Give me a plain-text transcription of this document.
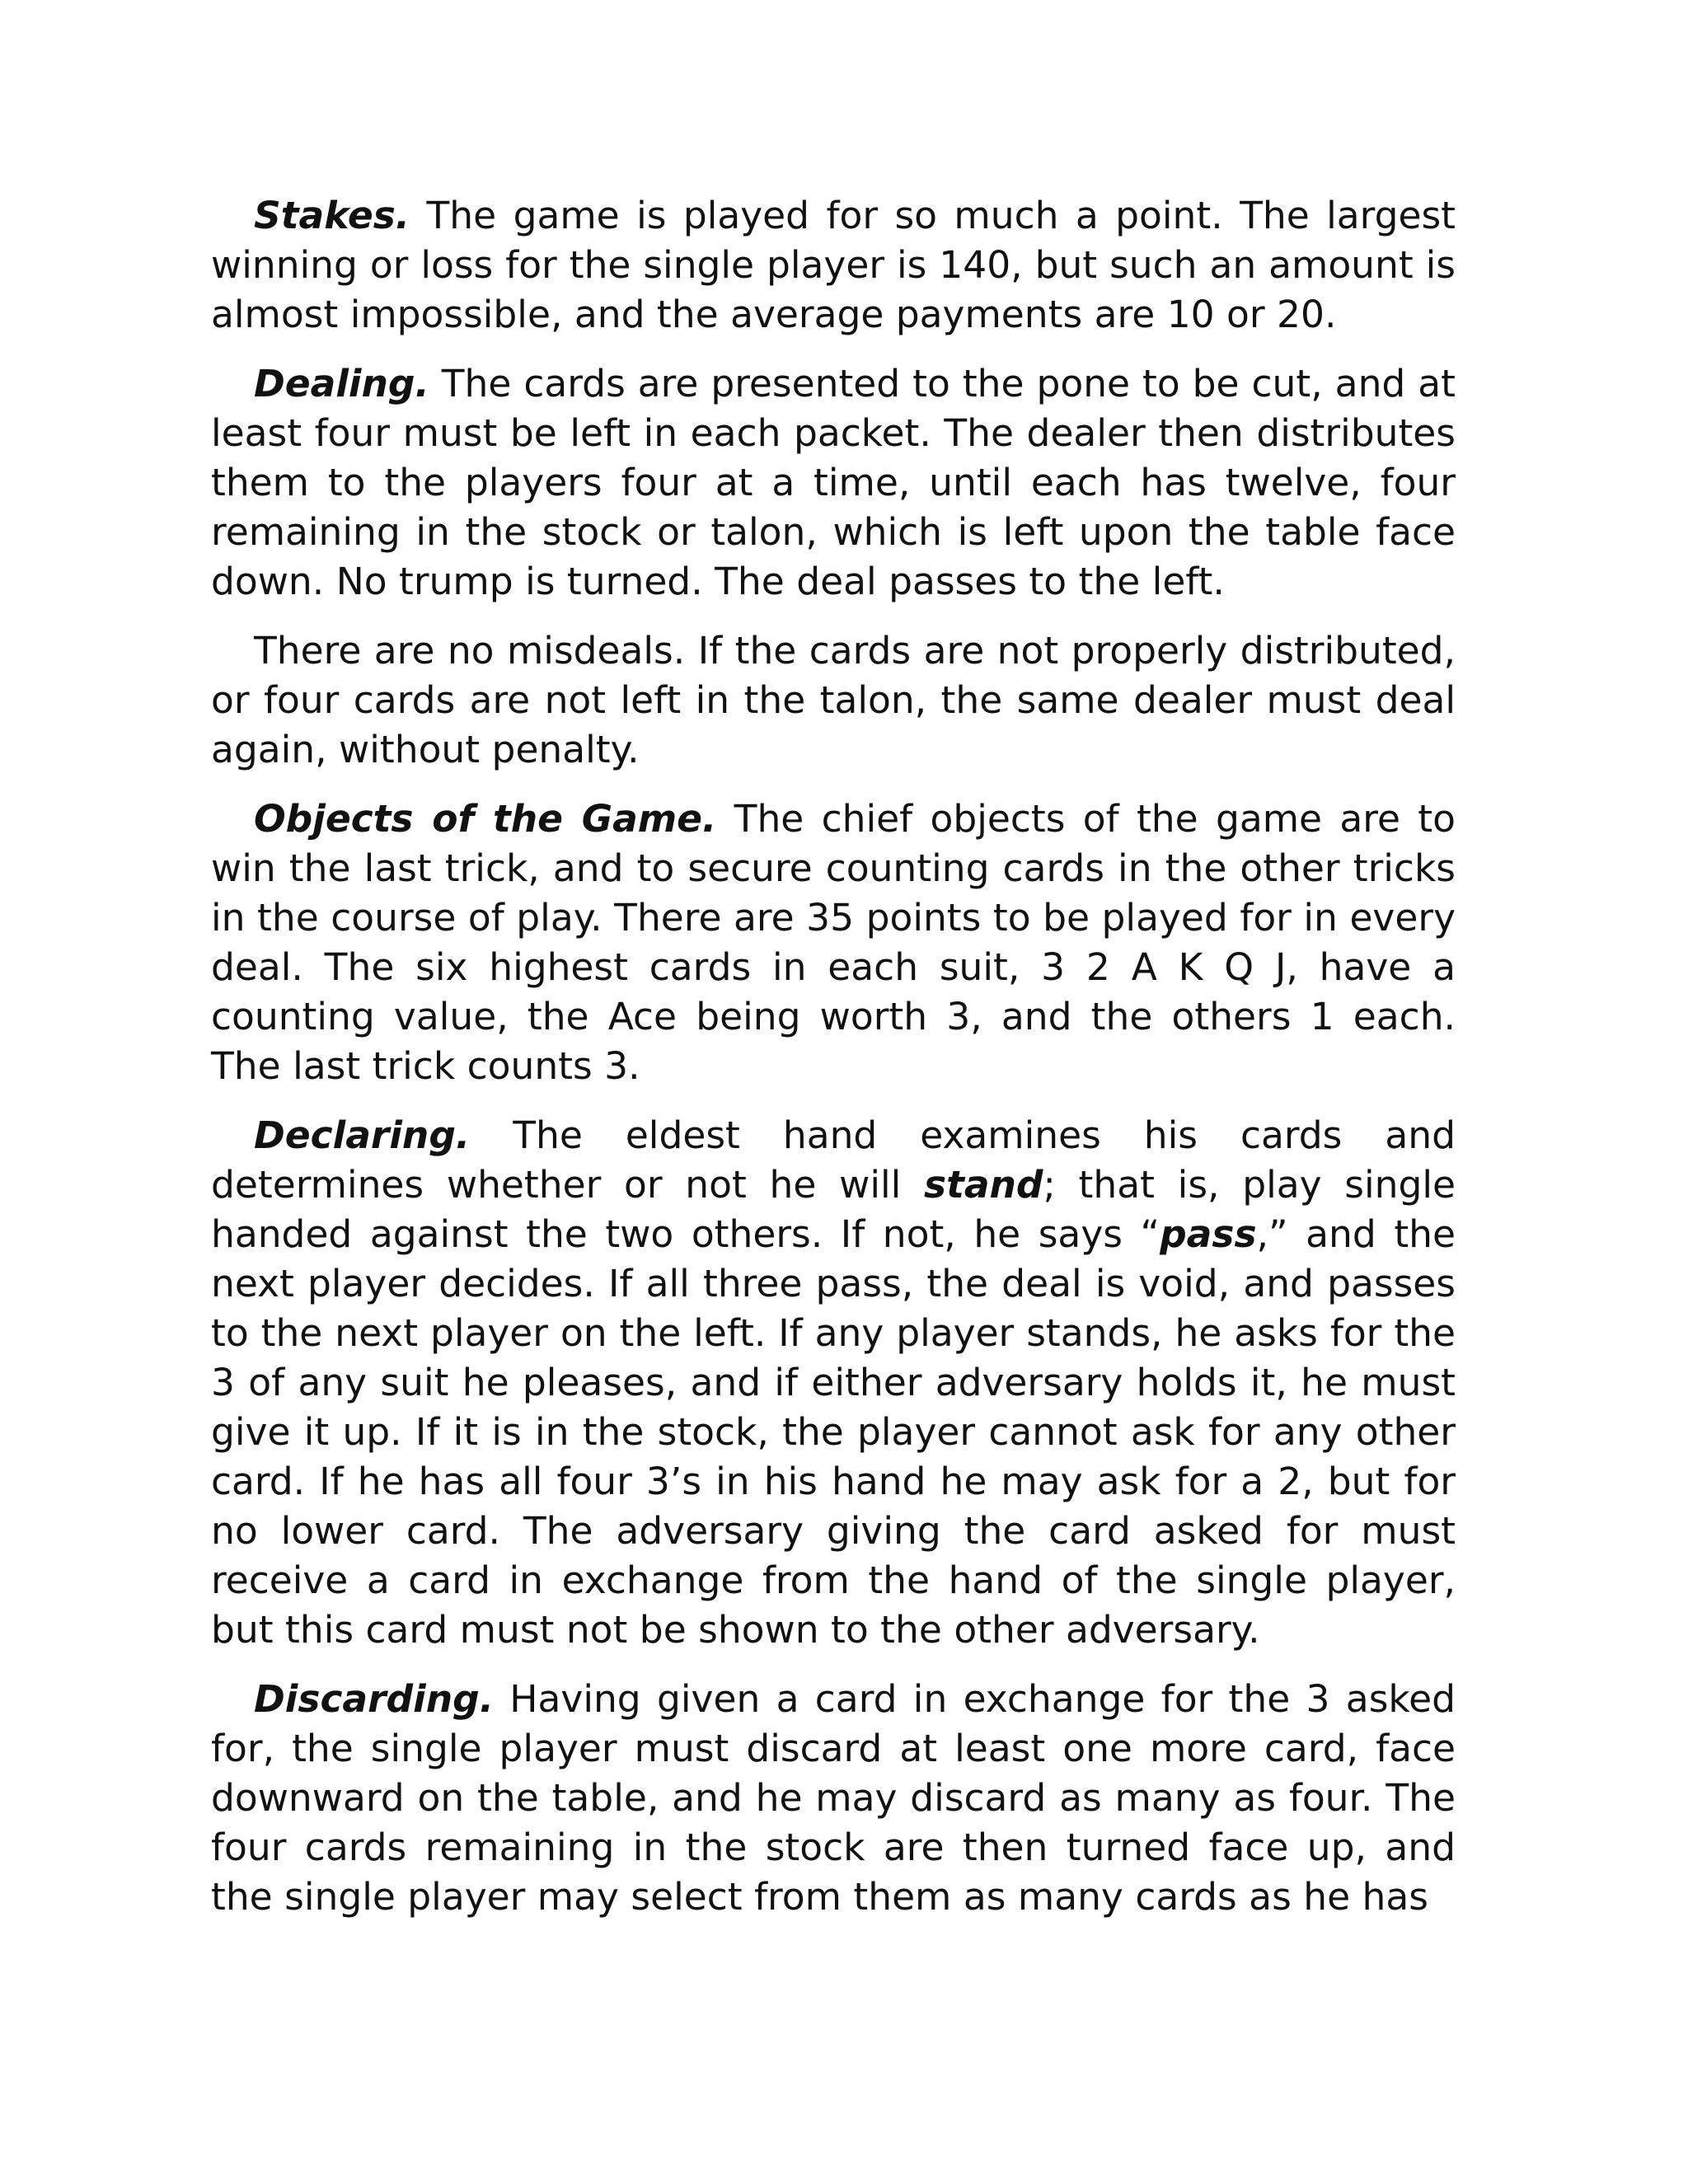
Stakes. The game is played for so much a point. The largest winning or loss for the single player is 140, but such an amount is almost impossible, and the average payments are 10 or 20.

Dealing. The cards are presented to the pone to be cut, and at least four must be left in each packet. The dealer then distributes them to the players four at a time, until each has twelve, four remaining in the stock or talon, which is left upon the table face down. No trump is turned. The deal passes to the left.

There are no misdeals. If the cards are not properly distributed, or four cards are not left in the talon, the same dealer must deal again, without penalty.

Objects of the Game. The chief objects of the game are to win the last trick, and to secure counting cards in the other tricks in the course of play. There are 35 points to be played for in every deal. The six highest cards in each suit, 3 2 A K Q J, have a counting value, the Ace being worth 3, and the others 1 each. The last trick counts 3.

Declaring. The eldest hand examines his cards and determines whether or not he will stand; that is, play single handed against the two others. If not, he says “pass,” and the next player decides. If all three pass, the deal is void, and passes to the next player on the left. If any player stands, he asks for the 3 of any suit he pleases, and if either adversary holds it, he must give it up. If it is in the stock, the player cannot ask for any other card. If he has all four 3’s in his hand he may ask for a 2, but for no lower card. The adversary giving the card asked for must receive a card in exchange from the hand of the single player, but this card must not be shown to the other adversary.

Discarding. Having given a card in exchange for the 3 asked for, the single player must discard at least one more card, face downward on the table, and he may discard as many as four. The four cards remaining in the stock are then turned face up, and the single player may select from them as many cards as he has
